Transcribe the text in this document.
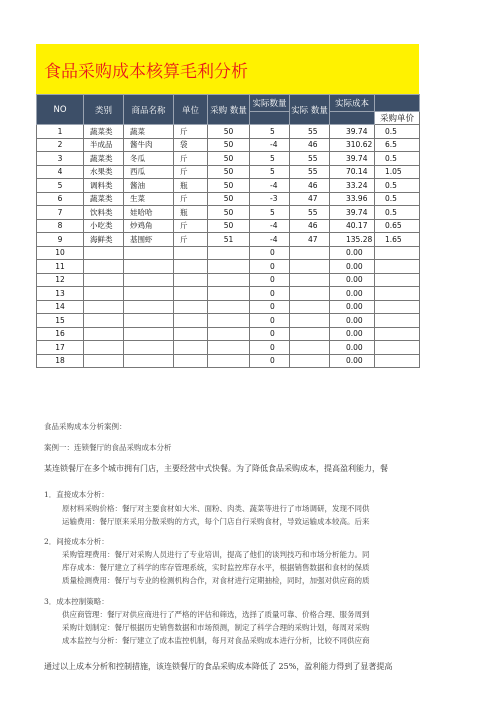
食品采购成本核算毛利分析
NO	类别	商品名称	单位	采购 数量	实际数量	实际 数量	实际成本	
								采购单价
1	蔬菜类	蔬菜	斤	50	5	55	39.74	0.5
2	半成品	酱牛肉	袋	50	-4	46	310.62	6.5
3	蔬菜类	冬瓜	斤	50	5	55	39.74	0.5
4	水果类	西瓜	斤	50	5	55	70.14	1.05
5	调料类	酱油	瓶	50	-4	46	33.24	0.5
6	蔬菜类	生菜	斤	50	-3	47	33.96	0.5
7	饮料类	娃哈哈	瓶	50	5	55	39.74	0.5
8	小吃类	炒鸡角	斤	50	-4	46	40.17	0.65
9	海鲜类	基围虾	斤	51	-4	47	135.28	1.65
10					0		0.00	
11					0		0.00	
12					0		0.00	
13					0		0.00	
14					0		0.00	
15					0		0.00	
16					0		0.00	
17					0		0.00	
18					0		0.00	
食品采购成本分析案例：
案例一：连锁餐厅的食品采购成本分析
某连锁餐厅在多个城市拥有门店，主要经营中式快餐。为了降低食品采购成本，提高盈利能力，餐
1．直接成本分析：
原材料采购价格：餐厅对主要食材如大米、面粉、肉类、蔬菜等进行了市场调研，发现不同供
运输费用：餐厅原来采用分散采购的方式，每个门店自行采购食材，导致运输成本较高。后来
2．间接成本分析：
采购管理费用：餐厅对采购人员进行了专业培训，提高了他们的谈判技巧和市场分析能力。同
库存成本：餐厅建立了科学的库存管理系统，实时监控库存水平，根据销售数据和食材的保质
质量检测费用：餐厅与专业的检测机构合作，对食材进行定期抽检，同时，加强对供应商的质
3．成本控制策略：
供应商管理：餐厅对供应商进行了严格的评估和筛选，选择了质量可靠、价格合理、服务周到
采购计划制定：餐厅根据历史销售数据和市场预测，制定了科学合理的采购计划，每周对采购
成本监控与分析：餐厅建立了成本监控机制，每月对食品采购成本进行分析，比较不同供应商
通过以上成本分析和控制措施，该连锁餐厅的食品采购成本降低了 25%，盈利能力得到了显著提高
